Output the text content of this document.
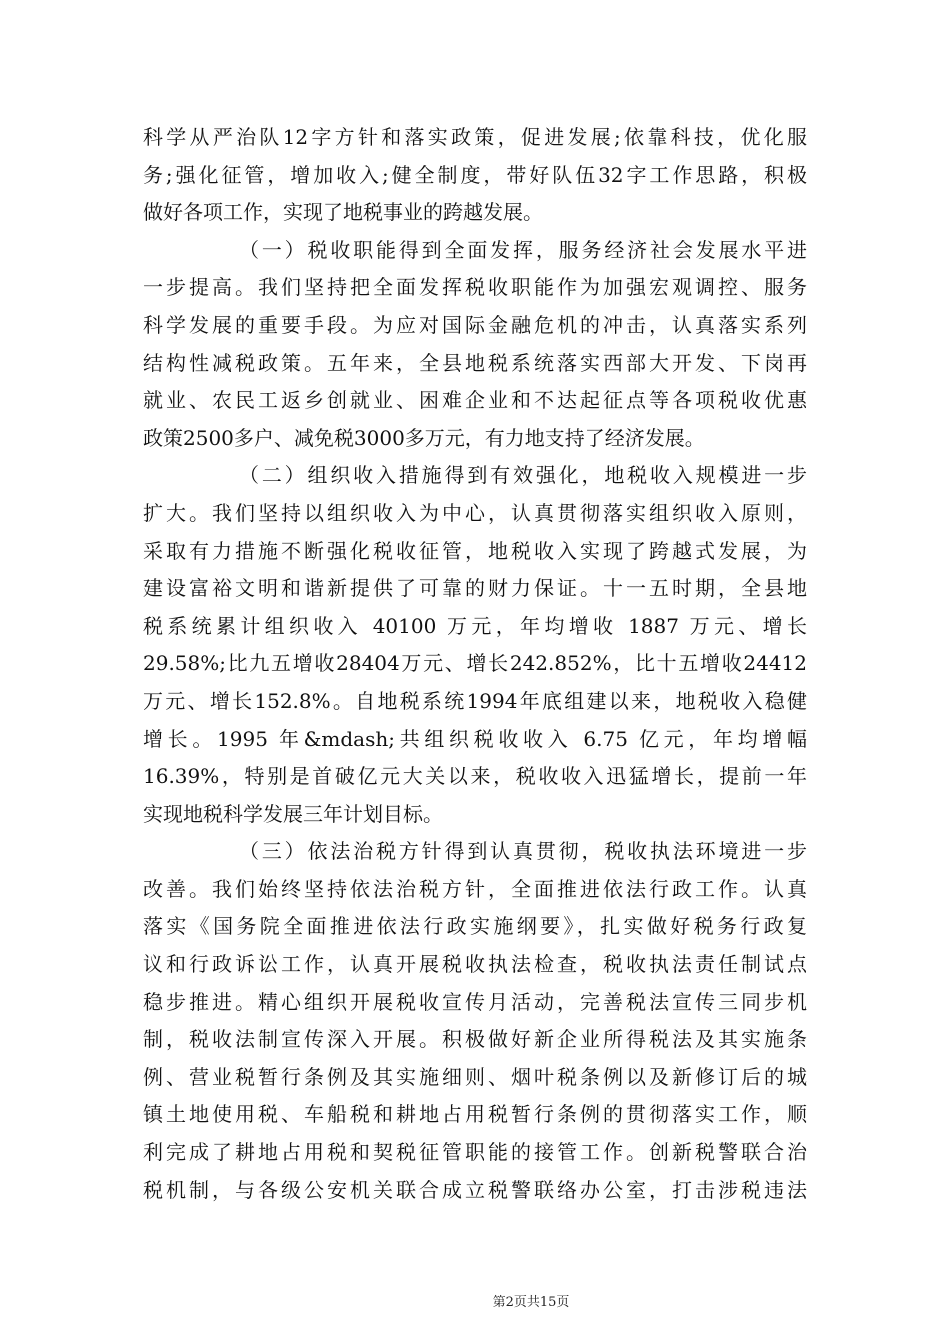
科学从严治队12字方针和落实政策，促进发展;依靠科技，优化服
务;强化征管，增加收入;健全制度，带好队伍32字工作思路，积极
做好各项工作，实现了地税事业的跨越发展。
（一）税收职能得到全面发挥，服务经济社会发展水平进
一步提高。我们坚持把全面发挥税收职能作为加强宏观调控、服务
科学发展的重要手段。为应对国际金融危机的冲击，认真落实系列
结构性减税政策。五年来，全县地税系统落实西部大开发、下岗再
就业、农民工返乡创就业、困难企业和不达起征点等各项税收优惠
政策2500多户、减免税3000多万元，有力地支持了经济发展。
（二）组织收入措施得到有效强化，地税收入规模进一步
扩大。我们坚持以组织收入为中心，认真贯彻落实组织收入原则，
采取有力措施不断强化税收征管，地税收入实现了跨越式发展，为
建设富裕文明和谐新提供了可靠的财力保证。十一五时期，全县地
税系统累计组织收入 40100 万元，年均增收 1887 万元、增长
29.58%;比九五增收28404万元、增长242.852%，比十五增收24412
万元、增长152.8%。自地税系统1994年底组建以来，地税收入稳健
增长。1995 年&mdash;共组织税收收入 6.75 亿元，年均增幅
16.39%，特别是首破亿元大关以来，税收收入迅猛增长，提前一年
实现地税科学发展三年计划目标。
（三）依法治税方针得到认真贯彻，税收执法环境进一步
改善。我们始终坚持依法治税方针，全面推进依法行政工作。认真
落实《国务院全面推进依法行政实施纲要》，扎实做好税务行政复
议和行政诉讼工作，认真开展税收执法检查，税收执法责任制试点
稳步推进。精心组织开展税收宣传月活动，完善税法宣传三同步机
制，税收法制宣传深入开展。积极做好新企业所得税法及其实施条
例、营业税暂行条例及其实施细则、烟叶税条例以及新修订后的城
镇土地使用税、车船税和耕地占用税暂行条例的贯彻落实工作，顺
利完成了耕地占用税和契税征管职能的接管工作。创新税警联合治
税机制，与各级公安机关联合成立税警联络办公室，打击涉税违法
第2页共15页
